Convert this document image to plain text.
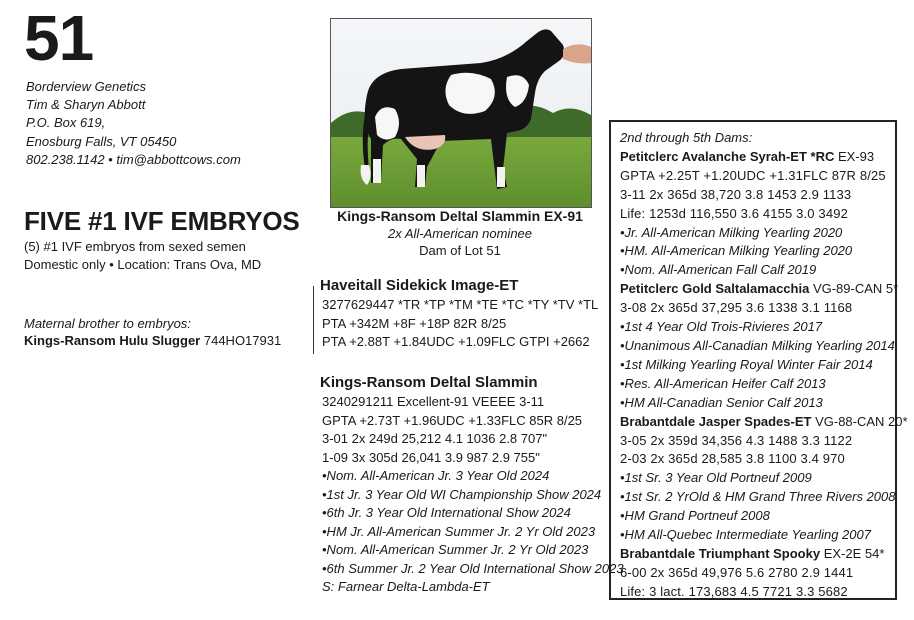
51
Borderview Genetics
Tim & Sharyn Abbott
P.O. Box 619,
Enosburg Falls, VT 05450
802.238.1142 • tim@abbottcows.com
FIVE #1 IVF EMBRYOS
(5) #1 IVF embryos from sexed semen
Domestic only • Location: Trans Ova, MD
Maternal brother to embryos:
Kings-Ransom Hulu Slugger 744HO17931
Kings-Ransom Deltal Slammin EX-91
2x All-American nominee
Dam of Lot 51
Haveitall Sidekick Image-ET
3277629447 *TR *TP *TM *TE *TC *TY *TV *TL
PTA +342M +8F +18P 82R 8/25
PTA +2.88T +1.84UDC +1.09FLC GTPI +2662
Kings-Ransom Deltal Slammin
3240291211 Excellent-91 VEEEE 3-11
GPTA +2.73T +1.96UDC +1.33FLC 85R 8/25
3-01 2x 249d 25,212 4.1 1036 2.8 707"
1-09 3x 305d 26,041 3.9 987 2.9 755"
•Nom. All-American Jr. 3 Year Old 2024
•1st Jr. 3 Year Old WI Championship Show 2024
•6th Jr. 3 Year Old International Show 2024
•HM Jr. All-American Summer Jr. 2 Yr Old 2023
•Nom. All-American Summer Jr. 2 Yr Old 2023
•6th Summer Jr. 2 Year Old International Show 2023
S: Farnear Delta-Lambda-ET
2nd through 5th Dams:
Petitclerc Avalanche Syrah-ET *RC EX-93
GPTA +2.25T +1.20UDC +1.31FLC 87R 8/25
3-11 2x 365d 38,720 3.8 1453 2.9 1133
Life: 1253d 116,550 3.6 4155 3.0 3492
•Jr. All-American Milking Yearling 2020
•HM. All-American Milking Yearling 2020
•Nom. All-American Fall Calf 2019
Petitclerc Gold Saltalamacchia VG-89-CAN 5*
3-08 2x 365d 37,295 3.6 1338 3.1 1168
•1st 4 Year Old Trois-Rivieres 2017
•Unanimous All-Canadian Milking Yearling 2014
•1st Milking Yearling Royal Winter Fair 2014
•Res. All-American Heifer Calf 2013
•HM All-Canadian Senior Calf 2013
Brabantdale Jasper Spades-ET VG-88-CAN 20*
3-05 2x 359d 34,356 4.3 1488 3.3 1122
2-03 2x 365d 28,585 3.8 1100 3.4 970
•1st Sr. 3 Year Old Portneuf 2009
•1st Sr. 2 YrOld & HM Grand Three Rivers 2008
•HM Grand Portneuf 2008
•HM All-Quebec Intermediate Yearling 2007
Brabantdale Triumphant Spooky EX-2E 54*
6-00 2x 365d 49,976 5.6 2780 2.9 1441
Life: 3 lact. 173,683 4.5 7721 3.3 5682
